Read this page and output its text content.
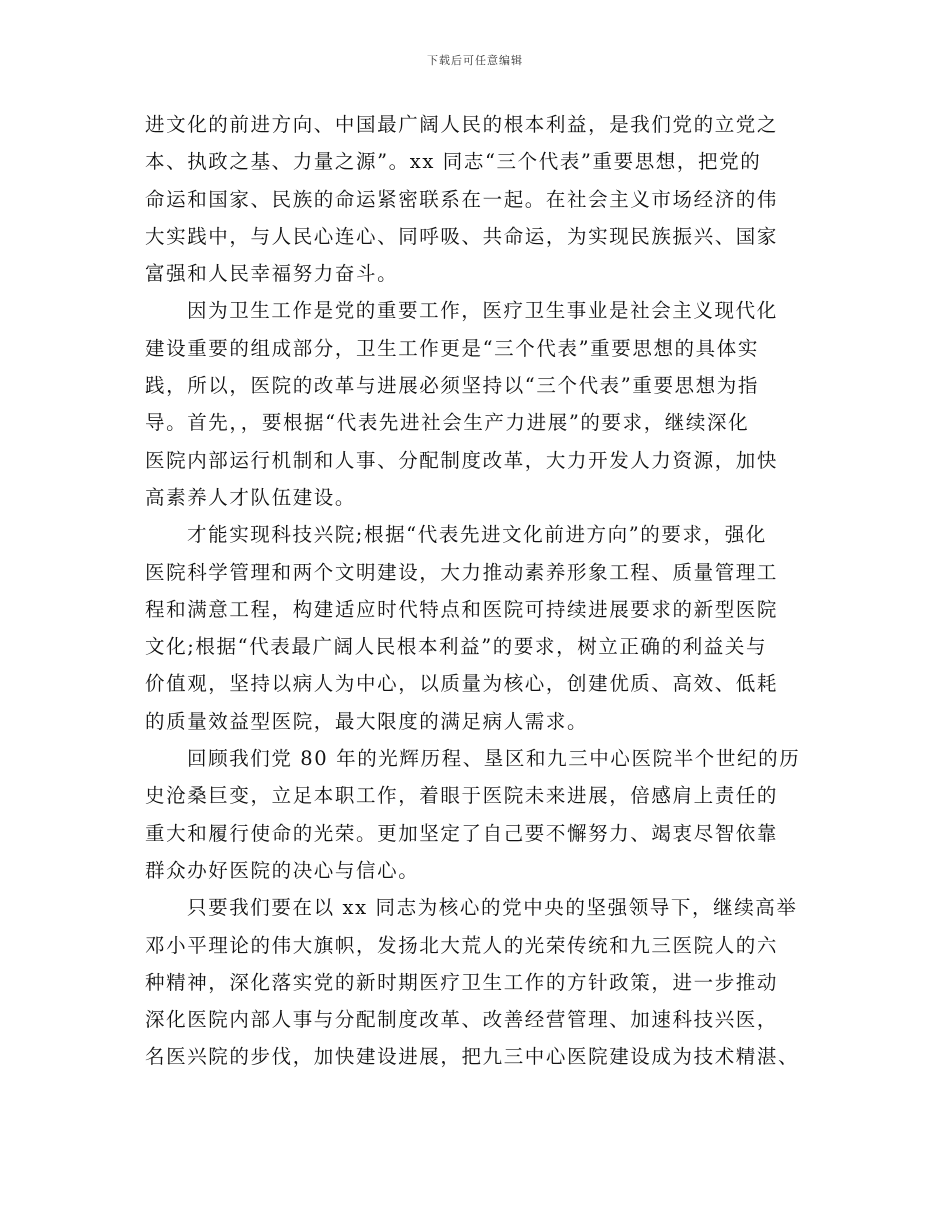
下载后可任意编辑
进文化的前进方向、中国最广阔人民的根本利益，是我们党的立党之
本、执政之基、力量之源”。xx 同志“三个代表”重要思想，把党的
命运和国家、民族的命运紧密联系在一起。在社会主义市场经济的伟
大实践中，与人民心连心、同呼吸、共命运，为实现民族振兴、国家
富强和人民幸福努力奋斗。
因为卫生工作是党的重要工作，医疗卫生事业是社会主义现代化
建设重要的组成部分，卫生工作更是“三个代表”重要思想的具体实
践，所以，医院的改革与进展必须坚持以“三个代表”重要思想为指
导。首先，，要根据“代表先进社会生产力进展”的要求，继续深化
医院内部运行机制和人事、分配制度改革，大力开发人力资源，加快
高素养人才队伍建设。
才能实现科技兴院;根据“代表先进文化前进方向”的要求，强化
医院科学管理和两个文明建设，大力推动素养形象工程、质量管理工
程和满意工程，构建适应时代特点和医院可持续进展要求的新型医院
文化;根据“代表最广阔人民根本利益”的要求，树立正确的利益关与
价值观，坚持以病人为中心，以质量为核心，创建优质、高效、低耗
的质量效益型医院，最大限度的满足病人需求。
回顾我们党 80 年的光辉历程、垦区和九三中心医院半个世纪的历
史沧桑巨变，立足本职工作，着眼于医院未来进展，倍感肩上责任的
重大和履行使命的光荣。更加坚定了自己要不懈努力、竭衷尽智依靠
群众办好医院的决心与信心。
只要我们要在以 xx 同志为核心的党中央的坚强领导下，继续高举
邓小平理论的伟大旗帜，发扬北大荒人的光荣传统和九三医院人的六
种精神，深化落实党的新时期医疗卫生工作的方针政策，进一步推动
深化医院内部人事与分配制度改革、改善经营管理、加速科技兴医，
名医兴院的步伐，加快建设进展，把九三中心医院建设成为技术精湛、
